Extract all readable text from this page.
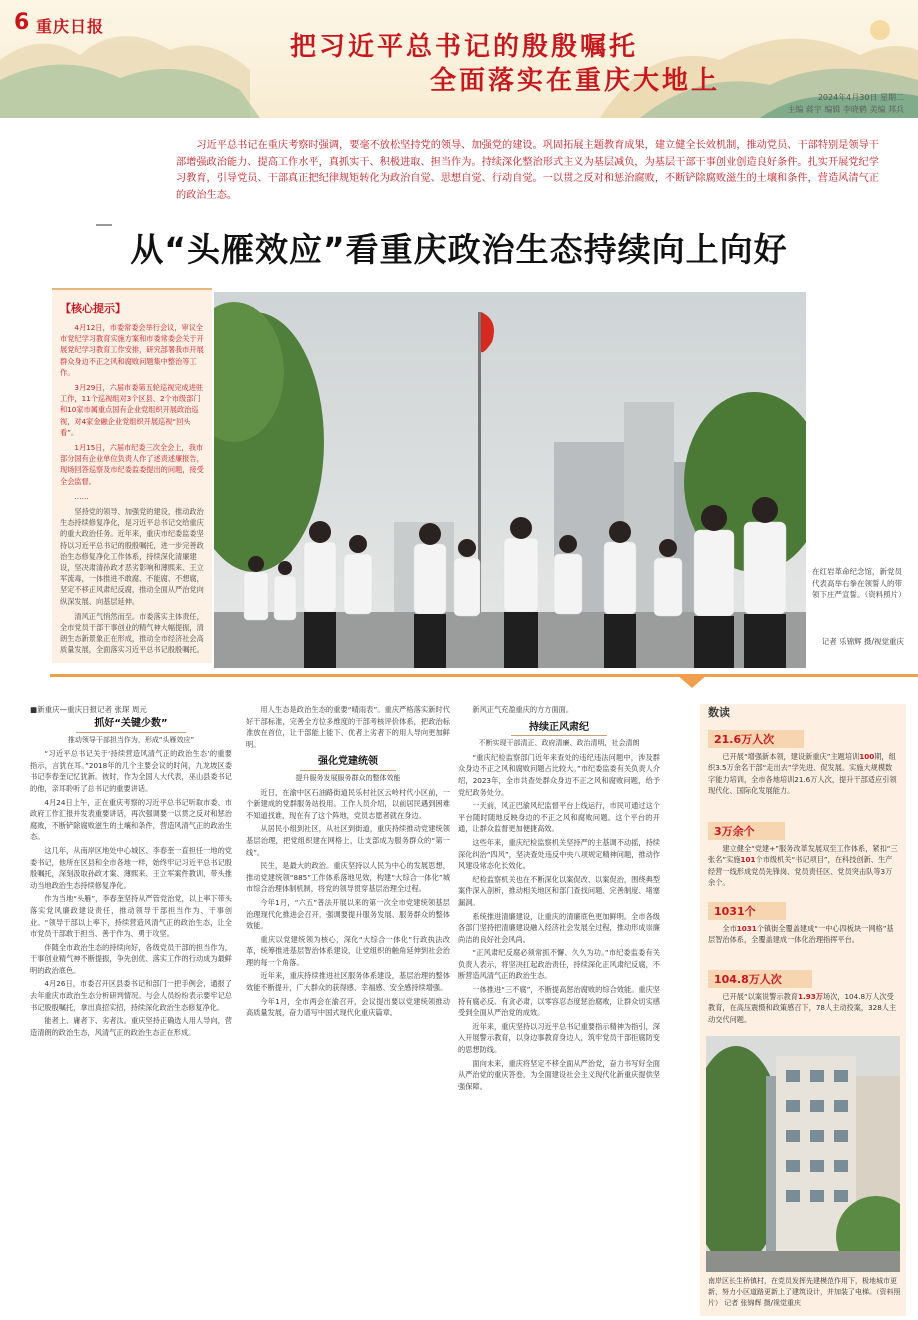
6 重庆日报
把习近平总书记的殷殷嘱托
全面落实在重庆大地上
2024年4月30日 星期二
主编 蒋宇 编辑 李晓鹤 美编 邦兵
习近平总书记在重庆考察时强调，要毫不放松坚持党的领导、加强党的建设。巩固拓展主题教育成果，建立健全长效机制，推动党员、干部特别是领导干部增强政治能力、提高工作水平，真抓实干、积极进取、担当作为。持续深化整治形式主义为基层减负，为基层干部干事创业创造良好条件。扎实开展党纪学习教育，引导党员、干部真正把纪律规矩转化为政治自觉、思想自觉、行动自觉。一以贯之反对和惩治腐败，不断铲除腐败滋生的土壤和条件，营造风清气正的政治生态。
从“头雁效应”看重庆政治生态持续向上向好
【核心提示】

4月12日，市委常委会举行会议，审议全市党纪学习教育实施方案和市委常委会关于开展党纪学习教育工作安排，研究部署我市开展群众身边不正之风和腐败问题集中整治等工作。

3月29日，六届市委第五轮巡视完成进驻工作，11个巡视组对3个区县、2个市级部门和10家市属重点国有企业党组织开展政治巡视，对4家金融企业党组织开展巡视“回头看”。

1月15日，六届市纪委三次全会上，我市部分国有企业单位负责人作了述责述廉报告，现场回答巡察及市纪委监委提出的问题，接受全会监督。

……

坚持党的领导、加强党的建设，推动政治生态持续修复净化，是习近平总书记交给重庆的重大政治任务。近年来，重庆市纪委监委坚持以习近平总书记的殷殷嘱托，进一步完善政治生态修复净化工作体系，持续深化清廉建设，坚决肃清孙政才恶劣影响和薄熙来、王立军流毒，一体推进不敢腐、不能腐、不想腐，坚定不移正风肃纪反腐，推动全面从严治党向纵深发展、向基层延伸。

清风正气悄然而至。市委落实主体责任，全市党员干部干事创业的精气神大幅提振，清朗生态新景象正在形成，推动全市经济社会高质量发展，全面落实习近平总书记殷殷嘱托。

在红岩革命纪念馆，新党员代表高举右拳在领誓人的带领下庄严宣誓。（资料照片）
记者 乐锦辉 摄/视觉重庆
■新重庆—重庆日报记者 张琛 周元
抓好“关键少数”
推动领导干部担当作为，形成“头雁效应”

“习近平总书记关于‘持续营造风清气正的政治生态’的重要指示，言犹在耳。”2018年的几个主要会议的时间，九龙坡区委书记李春奎记忆犹新。彼时，作为全国人大代表，巫山县委书记的他，亲耳聆听了总书记的重要讲话。

4月24日上午，正在重庆考察的习近平总书记听取市委、市政府工作汇报并发表重要讲话，再次强调要一以贯之反对和惩治腐败，不断铲除腐败滋生的土壤和条件，营造风清气正的政治生态。

这几年，从南岸区地处中心城区、李春奎一直担任一地的党委书记，他所在区县和全市各地一样，始终牢记习近平总书记殷殷嘱托，深刻汲取孙政才案、薄熙来、王立军案件教训，带头推动当地政治生态持续修复净化。

作为当地“头雁”，李春奎坚持从严管党治党，以上率下带头落实党风廉政建设责任，推动领导干部担当作为、干事创业。“领导干部以上率下，持续营造风清气正的政治生态，让全市党员干部敢于担当、善于作为、勇于攻坚。

伴随全市政治生态的持续向好，各级党员干部的担当作为，干事创业精气神不断提振，争先创优、落实工作的行动成为最鲜明的政治底色。

4月26日，市委召开区县委书记和部门一把手例会，通报了去年重庆市政治生态分析研判情况。与会人员纷纷表示要牢记总书记殷殷嘱托，拿出真招实招，持续深化政治生态修复净化。

能者上、庸者下、劣者汰。重庆坚持正确选人用人导向，营造清朗的政治生态，风清气正的政治生态正在形成。

用人生态是政治生态的重要“晴雨表”。重庆严格落实新时代好干部标准，完善全方位多维度的干部考核评价体系，把政治标准放在首位，让干部能上能下、优者上劣者下的用人导向更加鲜明。

强化党建统领
提升服务发展服务群众的整体效能

近日，在渝中区石油路街道民乐村社区云岭村代小区前，一个新建成的党群服务站投用。工作人员介绍，以前居民遇到困难不知道找谁，现在有了这个阵地，党员志愿者就在身边。

从居民小组到社区，从社区到街道，重庆持续推动党建统领基层治理，把党组织建在网格上，让支部成为服务群众的“第一线”。

民生，是最大的政治。重庆坚持以人民为中心的发展思想，推动党建统领“885”工作体系落地见效，构建“大综合一体化”城市综合治理体制机制，将党的领导贯穿基层治理全过程。

今年1月，“六五”普法开展以来的第一次全市党建统领基层治理现代化推进会召开，强调要提升服务发展、服务群众的整体效能。

重庆以党建统领为核心，深化“大综合一体化”行政执法改革，统筹推进基层智治体系建设，让党组织的触角延伸到社会治理的每一个角落。

近年来，重庆持续推进社区服务体系建设，基层治理的整体效能不断提升，广大群众的获得感、幸福感、安全感持续增强。

今年1月，全市两会在渝召开，会议提出要以党建统领推动高质量发展，奋力谱写中国式现代化重庆篇章。

新风正气充盈重庆的方方面面。

持续正风肃纪
不断实现干部清正、政府清廉、政治清明，社会清朗

“重庆纪检监察部门近年来查处的违纪违法问题中，涉及群众身边不正之风和腐败问题占比较大。”市纪委监委有关负责人介绍，2023年，全市共查处群众身边不正之风和腐败问题，给予党纪政务处分。

一天前，风正巴渝风纪监督平台上线运行，市民可通过这个平台随时随地反映身边的不正之风和腐败问题。这个平台的开通，让群众监督更加便捷高效。

这些年来，重庆纪检监察机关坚持严的主基调不动摇，持续深化纠治“四风”，坚决查处违反中央八项规定精神问题，推动作风建设常态化长效化。

纪检监察机关也在不断深化以案促改、以案促治，围绕典型案件深入剖析，推动相关地区和部门查找问题、完善制度、堵塞漏洞。

系统推进清廉建设，让重庆的清廉底色更加鲜明。全市各级各部门坚持把清廉建设融入经济社会发展全过程，推动形成崇廉尚洁的良好社会风尚。

“正风肃纪反腐必须常抓不懈、久久为功。”市纪委监委有关负责人表示，将坚决扛起政治责任，持续深化正风肃纪反腐，不断营造风清气正的政治生态。

一体推进“三不腐”，不断提高惩治腐败的综合效能。重庆坚持有腐必反、有贪必肃，以零容忍态度惩治腐败，让群众切实感受到全面从严治党的成效。

近年来，重庆坚持以习近平总书记重要指示精神为指引，深入开展警示教育，以身边事教育身边人，筑牢党员干部拒腐防变的思想防线。

面向未来，重庆将坚定不移全面从严治党，奋力书写好全面从严治党的重庆答卷，为全面建设社会主义现代化新重庆提供坚强保障。

数读
21.6万人次
已开展“增强新本领，建设新重庆”主题培训100期，组织3.5万余名干部“走出去”学先进、促发展。实施大规模数字能力培训，全市各地培训21.6万人次，提升干部适应引领现代化、国际化发展能力。
3万余个
建立健全“党建+”服务改革发展双至工作体系，紧扣“三张名”实施101个市级机关“书记项目”，在科技创新、生产经营一线形成党员先锋岗、党员责任区、党员突击队等3万余个。
1031个
全市1031个镇街全覆盖建成“一中心四板块一网格”基层智治体系，全覆盖建成一体化治理指挥平台。
104.8万人次
已开展“以案说警示教育1.93万场次，104.8万人次受教育，在高压震慑和政策感召下，78人主动投案，328人主动交代问题。
南岸区长生桥镇村，在党员发挥先建模范作用下，极地城市更新，努力小区道路更新上了建筑设计，并加装了电梯。（资料照片） 记者 张锦辉 摄/视觉重庆
